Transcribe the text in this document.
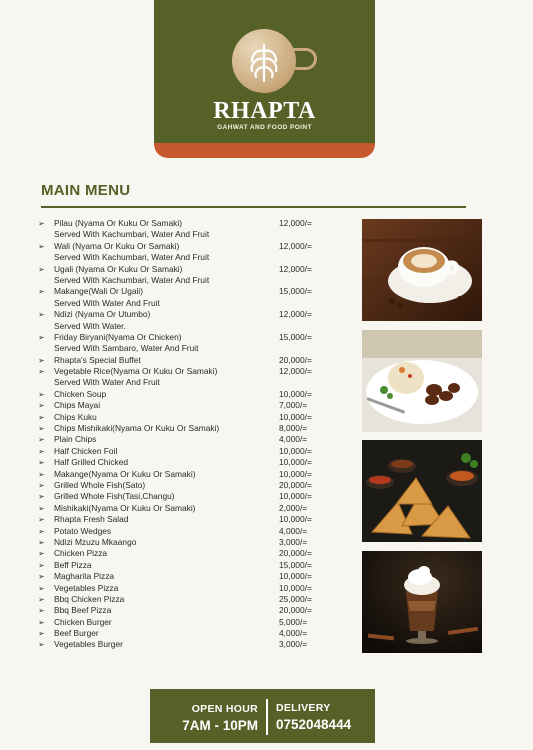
RHAPTA
GAHWAT AND FOOD POINT
MAIN MENU
➢ Pilau (Nyama Or Kuku Or Samaki)	12,000/=
Served With Kachumbari, Water And Fruit
➢ Wali (Nyama Or Kuku Or Samaki)	12,000/=
Served With Kachumbari, Water And Fruit
➢ Ugali (Nyama Or Kuku Or Samaki)	12,000/=
Served With Kachumbari, Water And Fruit
➢ Makange(Wali Or Ugali)	15,000/=
Served With Water And Fruit
➢ Ndizi (Nyama Or Utumbo)	12,000/=
Served With Water.
➢ Friday Biryani(Nyama Or Chicken)	15,000/=
Served With Sambaro, Water And Fruit
➢ Rhapta's Special Buffet	20,000/=
➢ Vegetable Rice(Nyama Or Kuku Or Samaki)	12,000/=
Served With Water And Fruit
➢ Chicken Soup	10,000/=
➢ Chips Mayai	7,000/=
➢ Chips Kuku	10,000/=
➢ Chips Mishikaki(Nyama Or Kuku Or Samaki)	8,000/=
➢ Plain Chips	4,000/=
➢ Half Chicken Foil	10,000/=
➢ Half Grilled Chicked	10,000/=
➢ Makange(Nyama Or Kuku Or Samaki)	10,000/=
➢ Grilled Whole Fish(Sato)	20,000/=
➢ Grilled Whole Fish(Tasi,Changu)	10,000/=
➢ Mishikaki(Nyama Or Kuku Or Samaki)	2,000/=
➢ Rhapta Fresh Salad	10,000/=
➢ Potato Wedges	4,000/=
➢ Ndizi Mzuzu Mkaango	3,000/=
➢ Chicken Pizza	20,000/=
➢ Beff Pizza	15,000/=
➢ Magharita Pizza	10,000/=
➢ Vegetables Pizza	10,000/=
➢ Bbq Chicken Pizza	25,000/=
➢ Bbq Beef Pizza	20,000/=
➢ Chicken Burger	5,000/=
➢ Beef Burger	4,000/=
➢ Vegetables Burger	3,000/=
OPEN HOUR
7AM - 10PM
DELIVERY
0752048444
